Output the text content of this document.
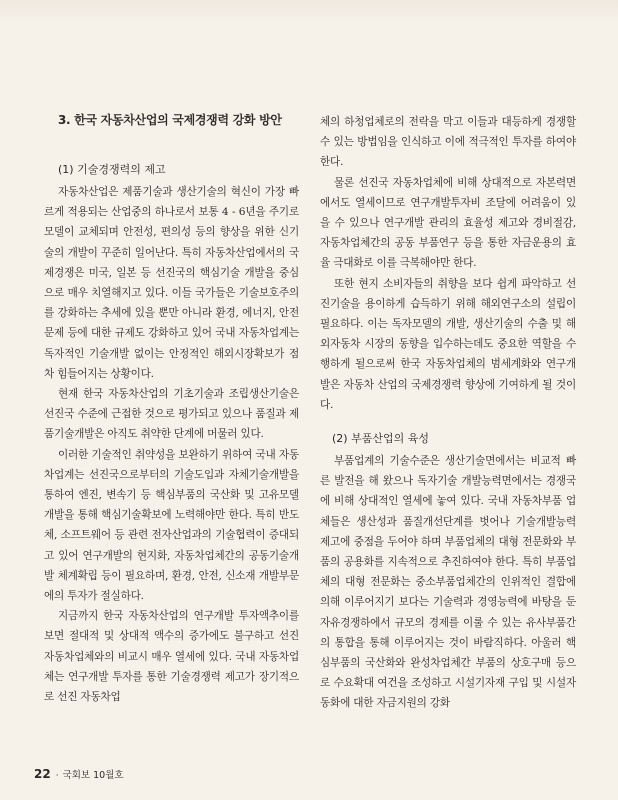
3. 한국 자동차산업의 국제경쟁력 강화 방안
(1) 기술경쟁력의 제고

자동차산업은 제품기술과 생산기술의 혁신이 가장 빠르게 적용되는 산업중의 하나로서 보통 4 - 6년을 주기로 모델이 교체되며 안전성, 편의성 등의 향상을 위한 신기술의 개발이 꾸준히 일어난다. 특히 자동차산업에서의 국제경쟁은 미국, 일본 등 선진국의 핵심기술 개발을 중심으로 매우 치열해지고 있다. 이들 국가들은 기술보호주의를 강화하는 추세에 있을 뿐만 아니라 환경, 에너지, 안전문제 등에 대한 규제도 강화하고 있어 국내 자동차업계는 독자적인 기술개발 없이는 안정적인 해외시장확보가 점차 힘들어지는 상황이다.

현재 한국 자동차산업의 기초기술과 조립생산기술은 선진국 수준에 근접한 것으로 평가되고 있으나 품질과 제품기술개발은 아직도 취약한 단계에 머물러 있다.

이러한 기술적인 취약성을 보완하기 위하여 국내 자동차업계는 선진국으로부터의 기술도입과 자체기술개발을 통하여 엔진, 변속기 등 핵심부품의 국산화 및 고유모델개발을 통해 핵심기술확보에 노력해야만 한다. 특히 반도체, 소프트웨어 등 관련 전자산업과의 기술협력이 증대되고 있어 연구개발의 현지화, 자동차업체간의 공동기술개발 체계확립 등이 필요하며, 환경, 안전, 신소재 개발부문에의 투자가 절실하다.

지금까지 한국 자동차산업의 연구개발 투자액추이를 보면 절대적 및 상대적 액수의 증가에도 불구하고 선진 자동차업체와의 비교시 매우 열세에 있다. 국내 자동차업체는 연구개발 투자를 통한 기술경쟁력 제고가 장기적으로 선진 자동차업

체의 하청업체로의 전락을 막고 이들과 대등하게 경쟁할 수 있는 방법임을 인식하고 이에 적극적인 투자를 하여야 한다.

물론 선진국 자동차업체에 비해 상대적으로 자본력면에서도 열세이므로 연구개발투자비 조달에 어려움이 있을 수 있으나 연구개발 관리의 효율성 제고와 경비절감, 자동차업체간의 공동 부품연구 등을 통한 자금운용의 효율 극대화로 이를 극복해야만 한다.

또한 현지 소비자들의 취향을 보다 쉽게 파악하고 선진기술을 용이하게 습득하기 위해 해외연구소의 설립이 필요하다. 이는 독자모델의 개발, 생산기술의 수출 및 해외자동차 시장의 동향을 입수하는데도 중요한 역할을 수행하게 될으로써 한국 자동차업체의 범세계화와 연구개발은 자동차 산업의 국제경쟁력 향상에 기여하게 될 것이다.

(2) 부품산업의 육성

부품업계의 기술수준은 생산기술면에서는 비교적 빠른 발전을 해 왔으나 독자기술 개발능력면에서는 경쟁국에 비해 상대적인 열세에 놓여 있다. 국내 자동차부품 업체들은 생산성과 품질개선단계를 벗어나 기술개발능력 제고에 중점을 두어야 하며 부품업체의 대형 전문화와 부품의 공용화를 지속적으로 추진하여야 한다. 특히 부품업체의 대형 전문화는 중소부품업체간의 인위적인 결합에 의해 이루어지기 보다는 기술력과 경영능력에 바탕을 둔 자유경쟁하에서 규모의 경제를 이룰 수 있는 유사부품간의 통합을 통해 이루어지는 것이 바람직하다. 아울러 핵심부품의 국산화와 완성차업체간 부품의 상호구매 등으로 수요확대 여건을 조성하고 시설기자재 구입 및 시설자동화에 대한 자금지원의 강화

22 · 국회보 10월호
